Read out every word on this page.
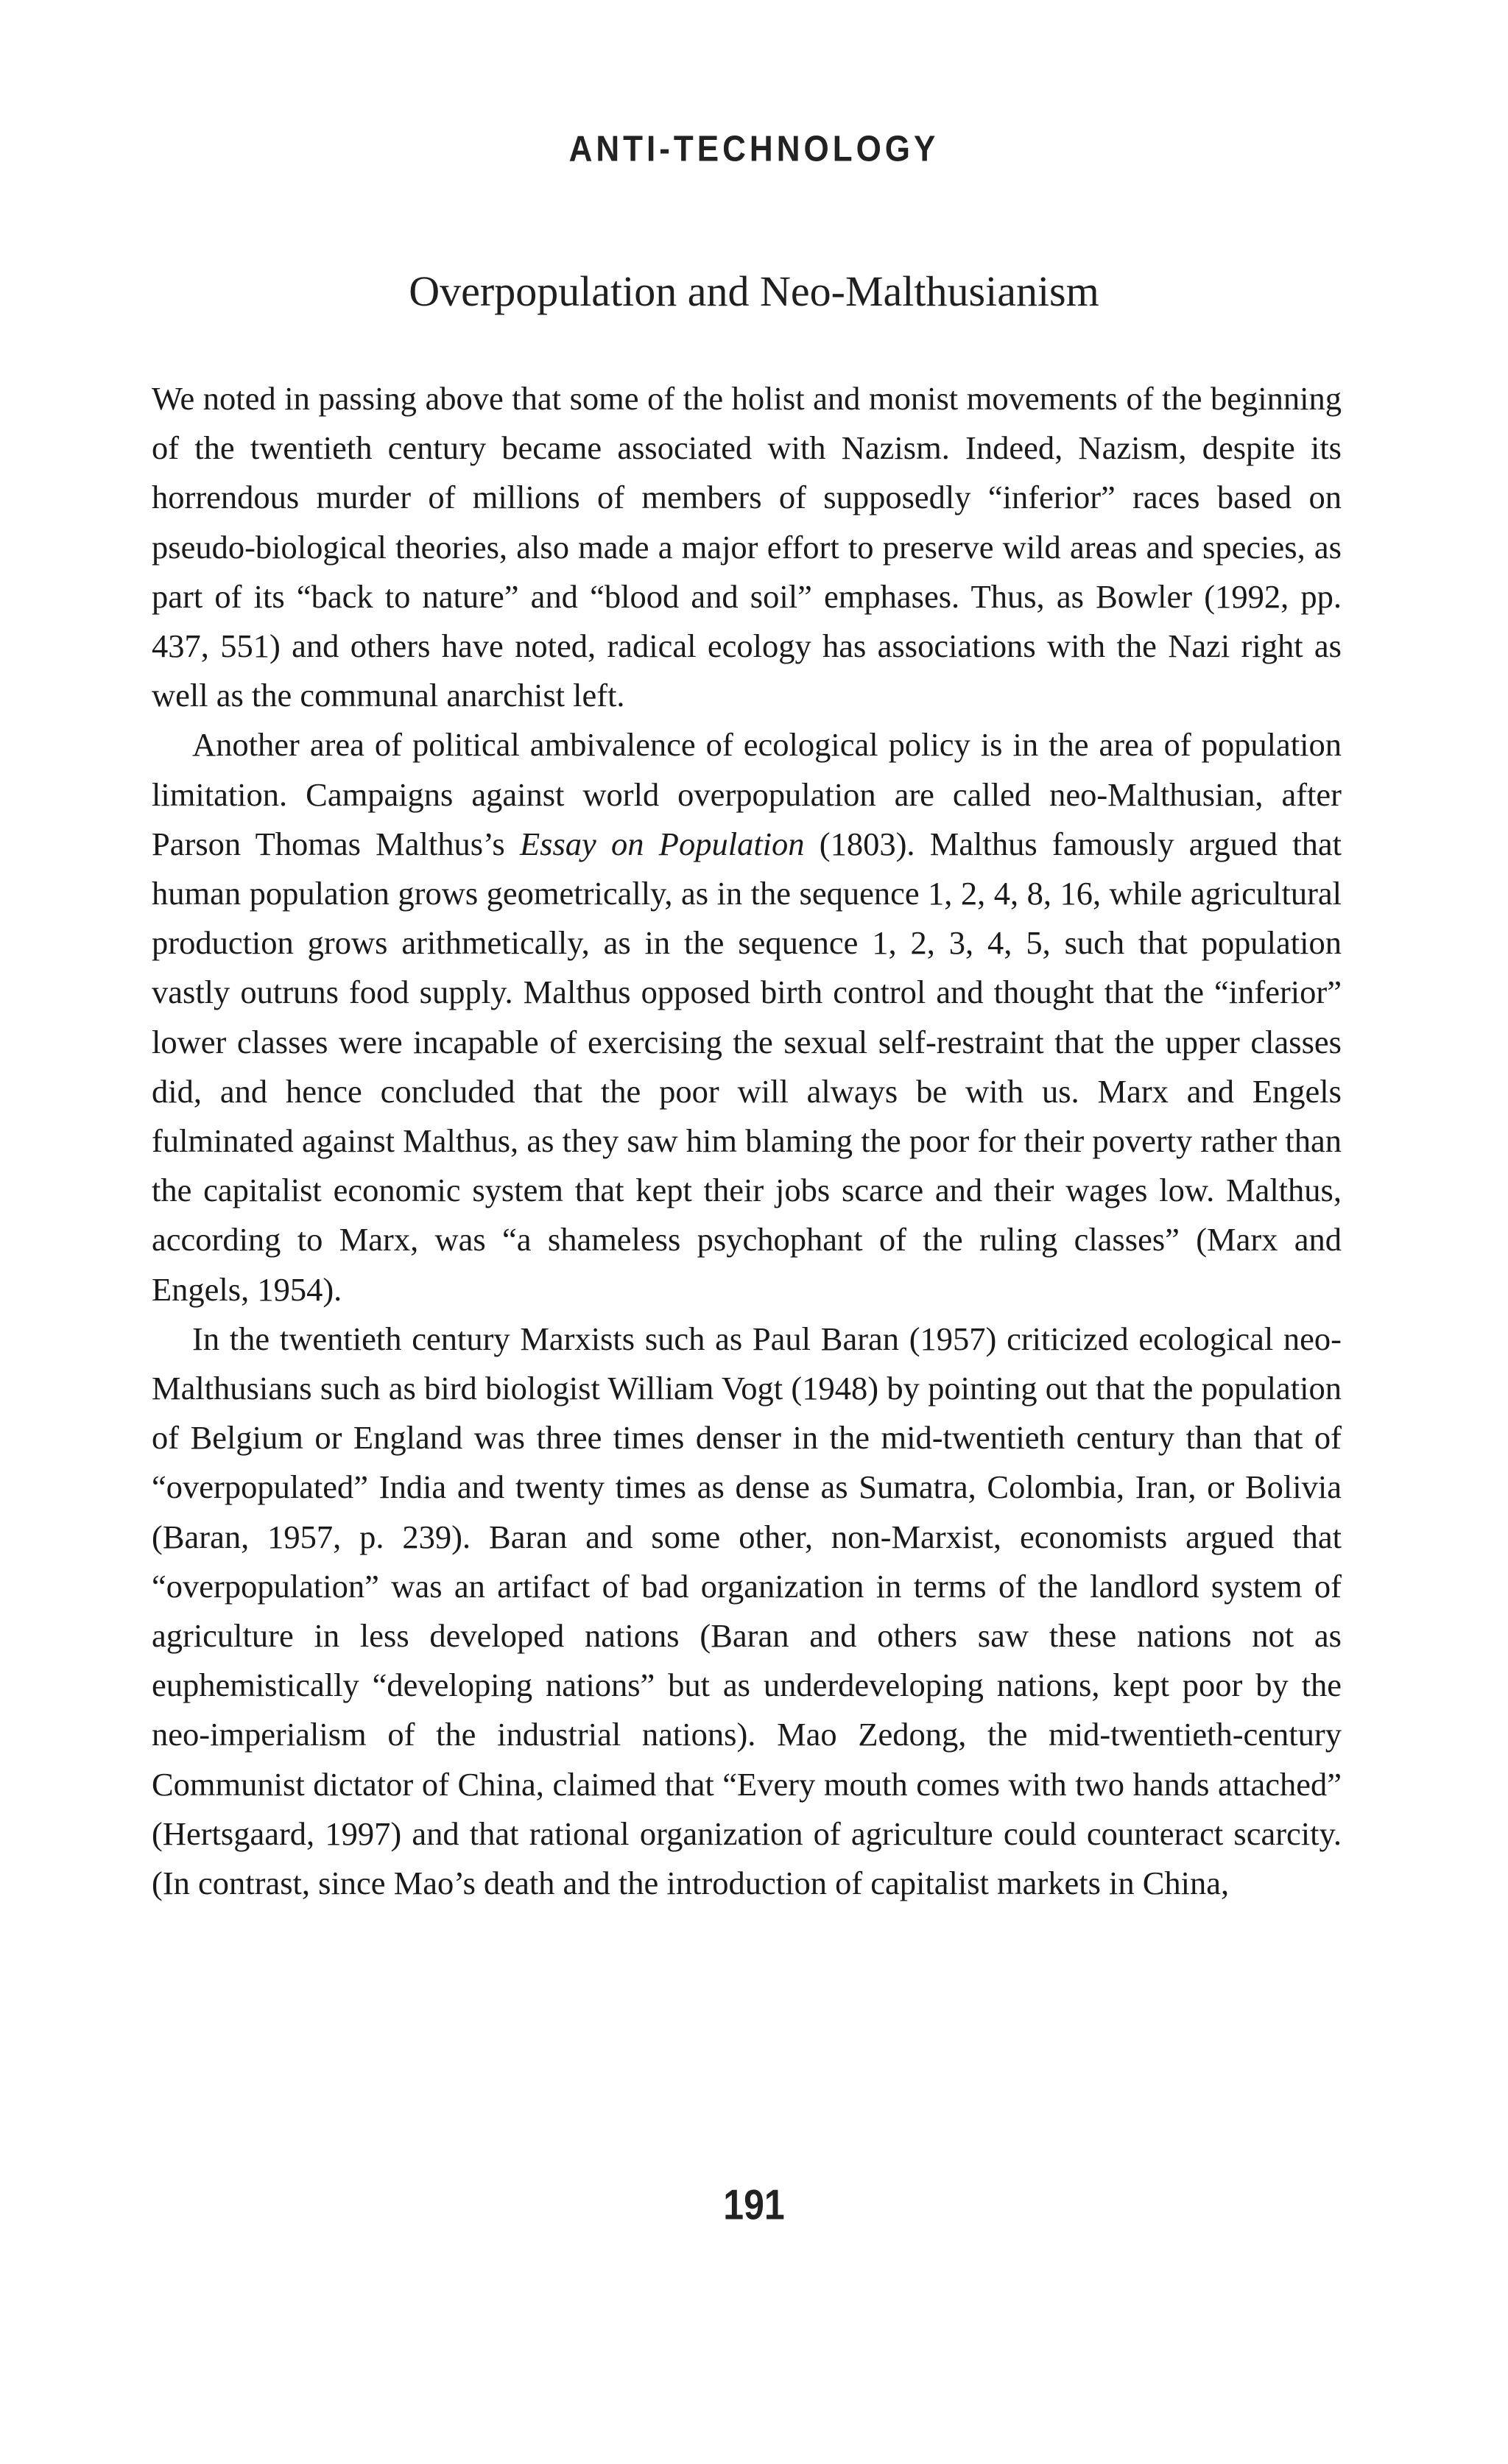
ANTI-TECHNOLOGY
Overpopulation and Neo-Malthusianism

We noted in passing above that some of the holist and monist movements of the beginning of the twentieth century became associated with Nazism. Indeed, Nazism, despite its horrendous murder of millions of members of supposedly “inferior” races based on pseudo-biological theories, also made a major effort to preserve wild areas and species, as part of its “back to nature” and “blood and soil” emphases. Thus, as Bowler (1992, pp. 437, 551) and others have noted, radical ecology has associations with the Nazi right as well as the communal anarchist left.

Another area of political ambivalence of ecological policy is in the area of population limitation. Campaigns against world overpopulation are called neo-Malthusian, after Parson Thomas Malthus’s Essay on Population (1803). Malthus famously argued that human population grows geometrically, as in the sequence 1, 2, 4, 8, 16, while agricultural production grows arithmetically, as in the sequence 1, 2, 3, 4, 5, such that population vastly outruns food supply. Malthus opposed birth control and thought that the “inferior” lower classes were incapable of exercising the sexual self-restraint that the upper classes did, and hence concluded that the poor will always be with us. Marx and Engels fulminated against Malthus, as they saw him blaming the poor for their poverty rather than the capitalist economic system that kept their jobs scarce and their wages low. Malthus, according to Marx, was “a shameless psychophant of the ruling classes” (Marx and Engels, 1954).

In the twentieth century Marxists such as Paul Baran (1957) criticized ecological neo-Malthusians such as bird biologist William Vogt (1948) by pointing out that the population of Belgium or England was three times denser in the mid-twentieth century than that of “overpopulated” India and twenty times as dense as Sumatra, Colombia, Iran, or Bolivia (Baran, 1957, p. 239). Baran and some other, non-Marxist, economists argued that “overpopulation” was an artifact of bad organization in terms of the landlord system of agriculture in less developed nations (Baran and others saw these nations not as euphemistically “developing nations” but as underdeveloping nations, kept poor by the neo-imperialism of the industrial nations). Mao Zedong, the mid-twentieth-century Communist dictator of China, claimed that “Every mouth comes with two hands attached” (Hertsgaard, 1997) and that rational organization of agriculture could counteract scarcity. (In contrast, since Mao’s death and the introduction of capitalist markets in China,

191
